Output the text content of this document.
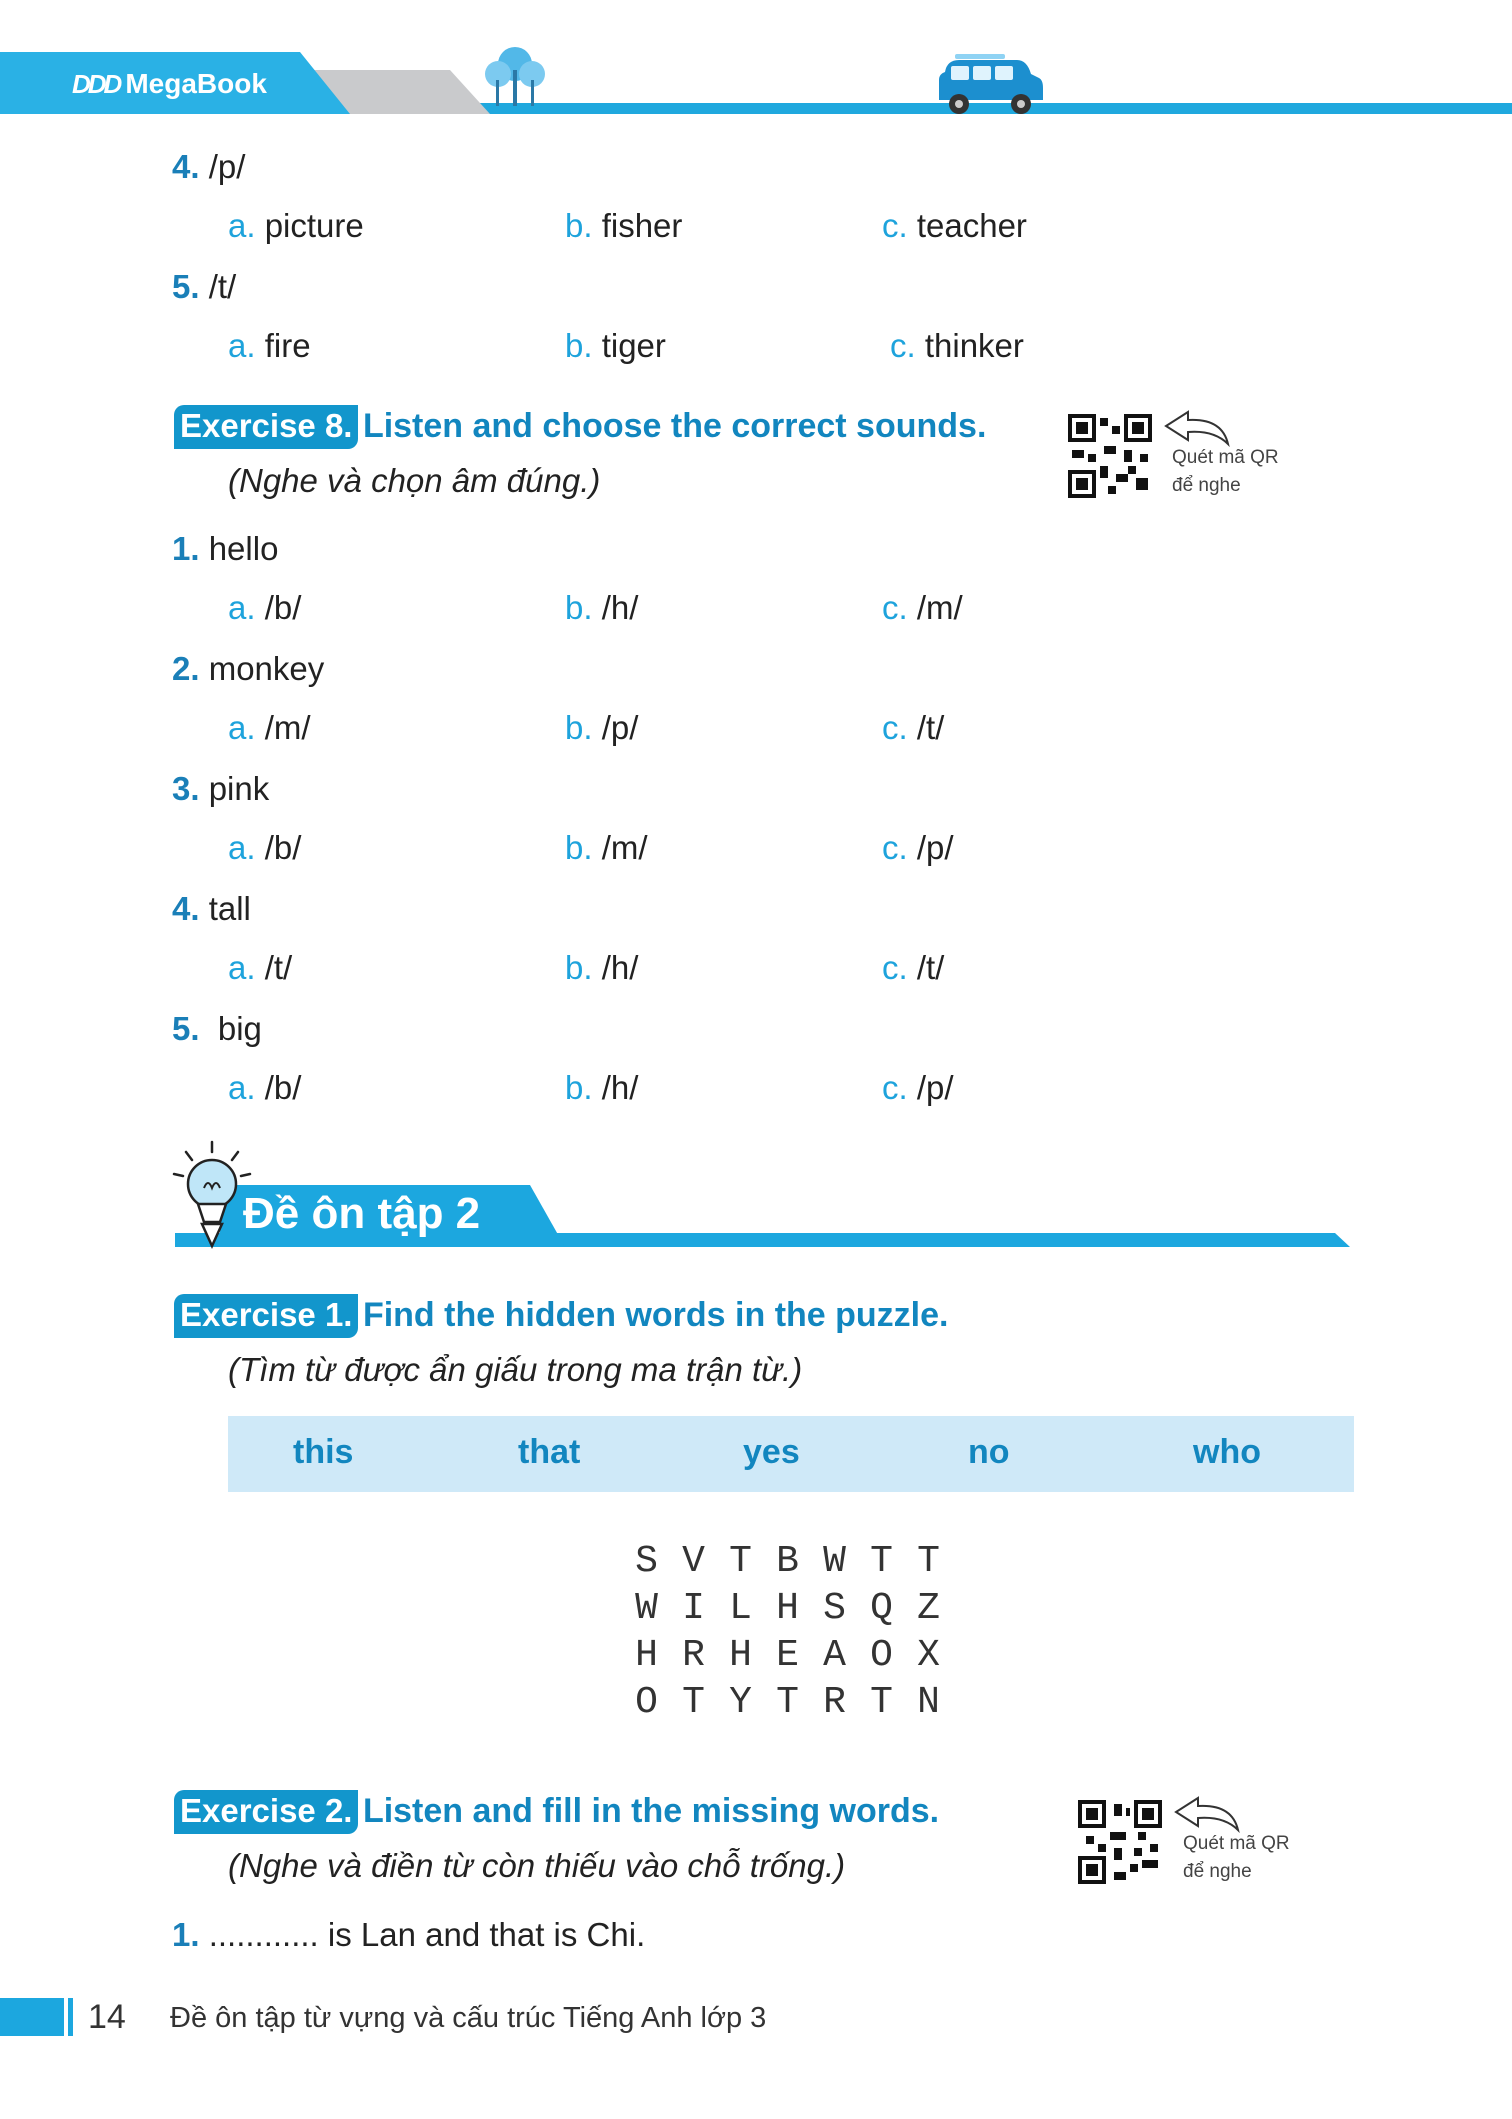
DDD MegaBook
4. /p/
a. picture	b. fisher	c. teacher
5. /t/
a. fire	b. tiger	c. thinker
Exercise 8. Listen and choose the correct sounds.
(Nghe và chọn âm đúng.)
Quét mã QR
để nghe
1. hello
a. /b/	b. /h/	c. /m/
2. monkey
a. /m/	b. /p/	c. /t/
3. pink
a. /b/	b. /m/	c. /p/
4. tall
a. /t/	b. /h/	c. /t/
5. big
a. /b/	b. /h/	c. /p/
Đề ôn tập 2
Exercise 1. Find the hidden words in the puzzle.
(Tìm từ được ẩn giấu trong ma trận từ.)
this	that	yes	no	who
S V T B W T T
W I L H S Q Z
H R H E A O X
O T Y T R T N
Exercise 2. Listen and fill in the missing words.
(Nghe và điền từ còn thiếu vào chỗ trống.)
Quét mã QR
để nghe
1. ............ is Lan and that is Chi.
14 Đề ôn tập từ vựng và cấu trúc Tiếng Anh lớp 3
